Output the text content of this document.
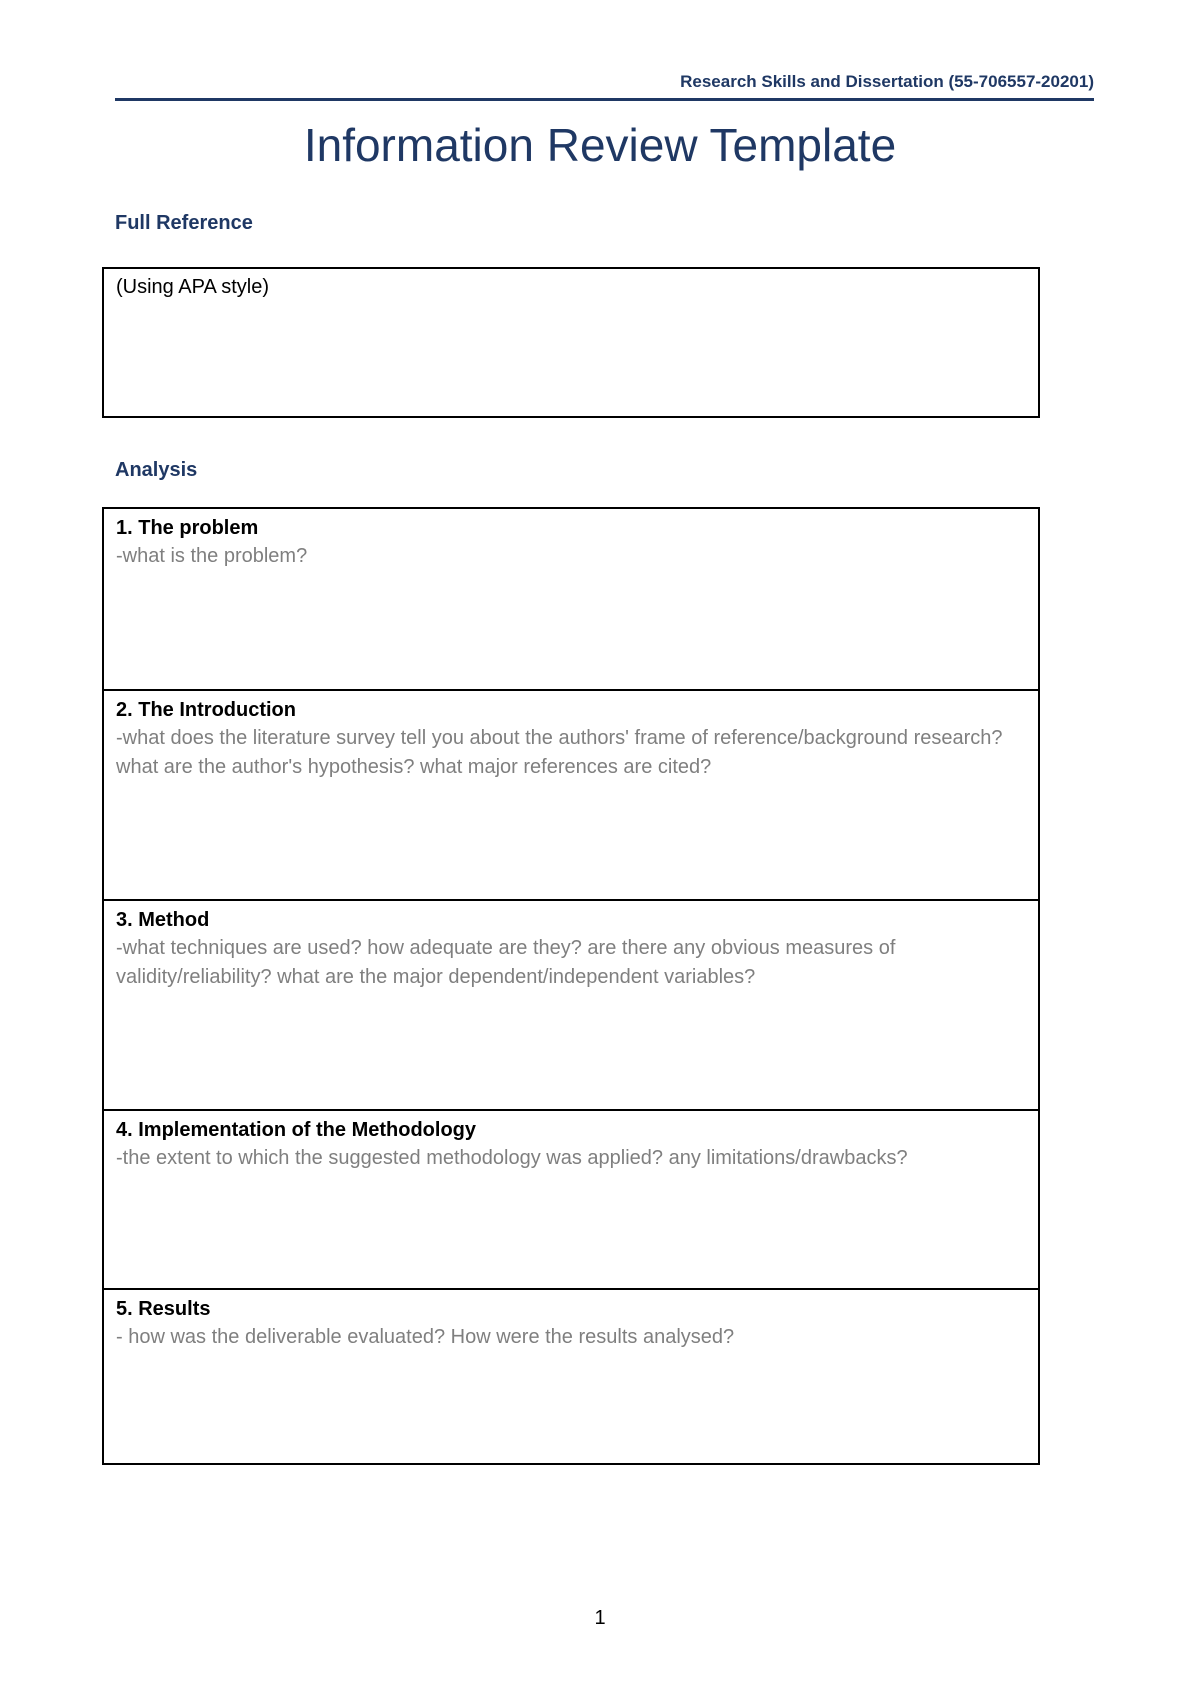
Research Skills and Dissertation (55-706557-20201)
Information Review Template
Full Reference
(Using APA style)
Analysis
1. The problem
-what is the problem?
2. The Introduction
-what does the literature survey tell you about the authors' frame of reference/background research? what are the author's hypothesis? what major references are cited?
3. Method
-what techniques are used? how adequate are they? are there any obvious measures of validity/reliability? what are the major dependent/independent variables?
4. Implementation of the Methodology
-the extent to which the suggested methodology was applied? any limitations/drawbacks?
5. Results
- how was the deliverable evaluated? How were the results analysed?
1
